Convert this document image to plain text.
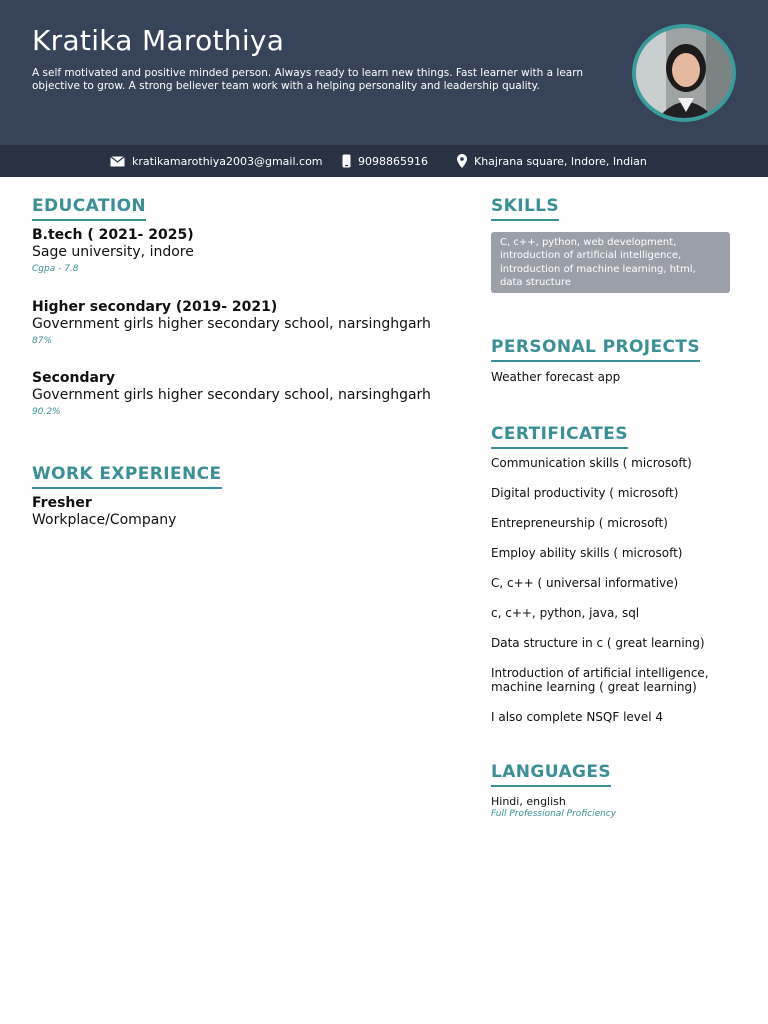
Kratika Marothiya

A self motivated and positive minded person. Always ready to learn new things. Fast learner with a learn objective to grow. A strong believer team work with a helping personality and leadership quality.

kratikamarothiya2003@gmail.com	9098865916	Khajrana square, Indore, Indian
EDUCATION
B.tech ( 2021- 2025)
Sage university, indore
Cgpa - 7.8
Higher secondary (2019- 2021)
Government girls higher secondary school, narsinghgarh
87%
Secondary
Government girls higher secondary school, narsinghgarh
90.2%
WORK EXPERIENCE
Fresher
Workplace/Company
SKILLS
C, c++, python, web development, introduction of artificial intelligence, introduction of machine learning, html, data structure
PERSONAL PROJECTS
Weather forecast app
CERTIFICATES
Communication skills ( microsoft)
Digital productivity ( microsoft)
Entrepreneurship ( microsoft)
Employ ability skills ( microsoft)
C, c++ ( universal informative)
c, c++, python, java, sql
Data structure in c ( great learning)
Introduction of artificial intelligence, machine learning ( great learning)
I also complete NSQF level 4
LANGUAGES
Hindi, english
Full Professional Proficiency
